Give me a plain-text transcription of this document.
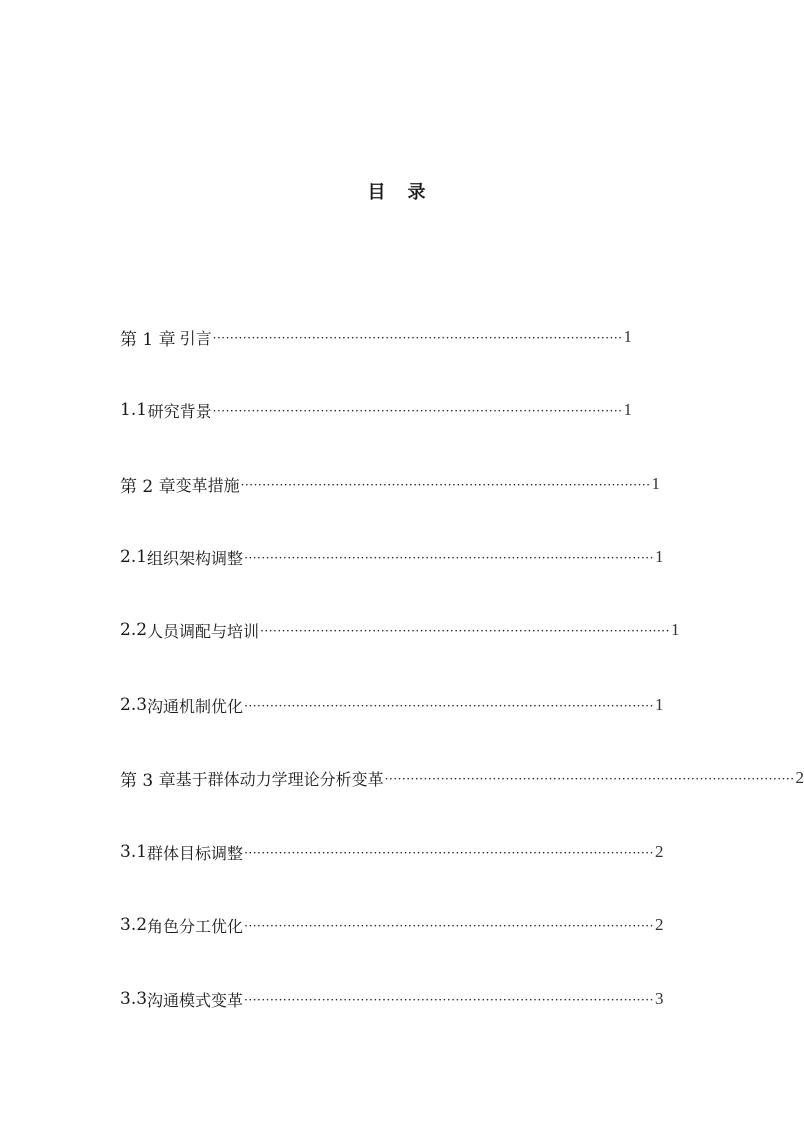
目录
第 1 章 引言 ······························································································· 1
1.1 研究背景 ······························································································· 1
第 2 章 变革措施 ······························································································· 1
2.1 组织架构调整 ······························································································· 1
2.2 人员调配与培训 ······························································································· 1
2.3 沟通机制优化 ······························································································· 1
第 3 章 基于群体动力学理论分析变革 ······························································································· 2
3.1 群体目标调整 ······························································································· 2
3.2 角色分工优化 ······························································································· 2
3.3 沟通模式变革 ······························································································· 3
